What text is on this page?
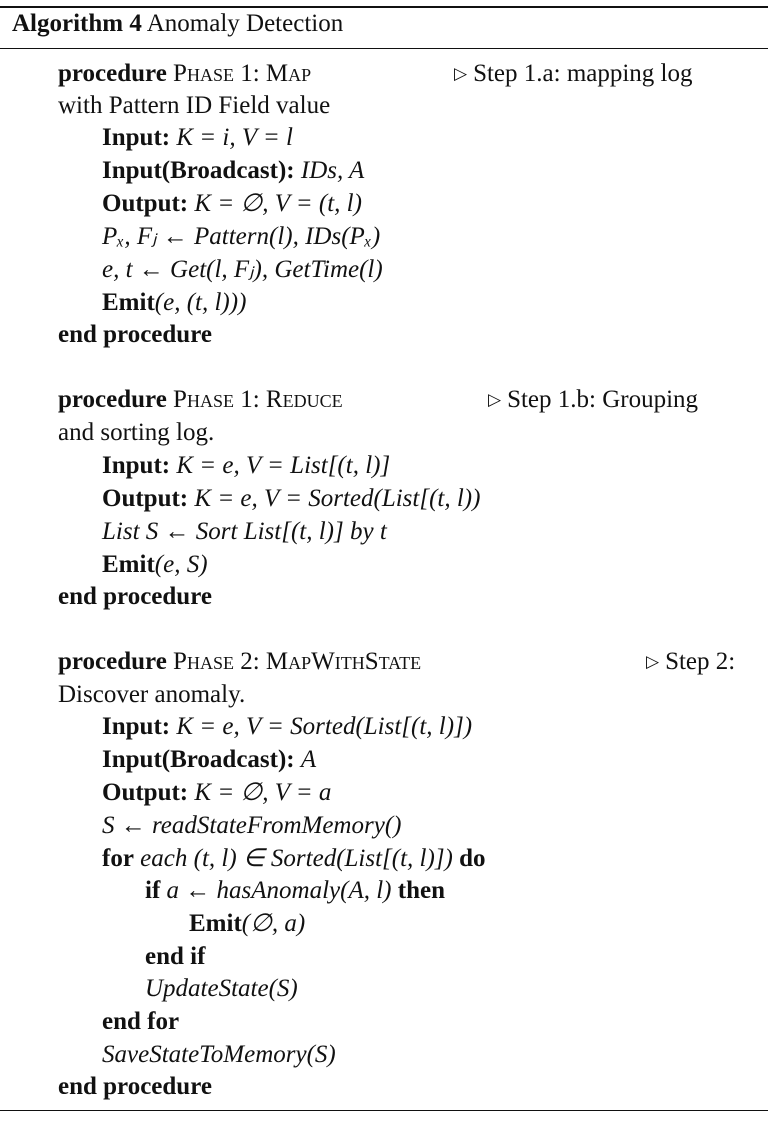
Algorithm 4 Anomaly Detection
procedure Phase 1: Map	▷ Step 1.a: mapping log
with Pattern ID Field value
Input: K = i, V = l
Input(Broadcast): IDs, A
Output: K = ∅, V = (t, l)
Pₓ, Fⱼ ← Pattern(l), IDs(Pₓ)
e, t ← Get(l, Fⱼ), GetTime(l)
Emit(e, (t, l)))
end procedure
procedure Phase 1: Reduce	▷ Step 1.b: Grouping
and sorting log.
Input: K = e, V = List[(t, l)]
Output: K = e, V = Sorted(List[(t, l))
List S ← Sort List[(t, l)] by t
Emit(e, S)
end procedure
procedure Phase 2: MapWithState	▷ Step 2:
Discover anomaly.
Input: K = e, V = Sorted(List[(t, l)])
Input(Broadcast): A
Output: K = ∅, V = a
S ← readStateFromMemory()
for each (t, l) ∈ Sorted(List[(t, l)]) do
if a ← hasAnomaly(A, l) then
Emit(∅, a)
end if
UpdateState(S)
end for
SaveStateToMemory(S)
end procedure
